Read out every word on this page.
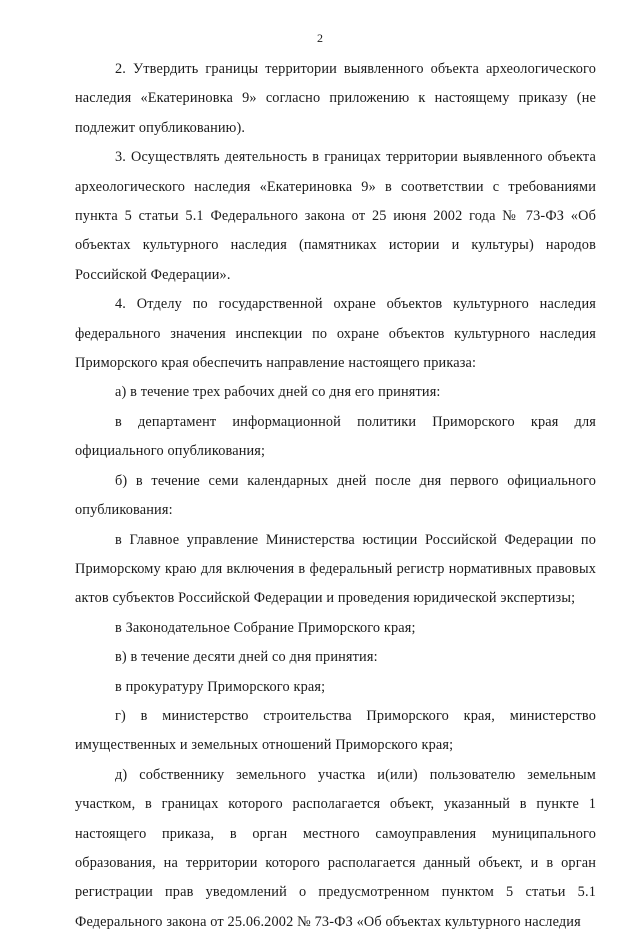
2

2. Утвердить границы территории выявленного объекта археологического наследия «Екатериновка 9» согласно приложению к настоящему приказу (не подлежит опубликованию).

3. Осуществлять деятельность в границах территории выявленного объекта археологического наследия «Екатериновка 9» в соответствии с требованиями пункта 5 статьи 5.1 Федерального закона от 25 июня 2002 года № 73-ФЗ «Об объектах культурного наследия (памятниках истории и культуры) народов Российской Федерации».

4. Отделу по государственной охране объектов культурного наследия федерального значения инспекции по охране объектов культурного наследия Приморского края обеспечить направление настоящего приказа:

а) в течение трех рабочих дней со дня его принятия:

в департамент информационной политики Приморского края для официального опубликования;

б) в течение семи календарных дней после дня первого официального опубликования:

в Главное управление Министерства юстиции Российской Федерации по Приморскому краю для включения в федеральный регистр нормативных правовых актов субъектов Российской Федерации и проведения юридической экспертизы;

в Законодательное Собрание Приморского края;

в) в течение десяти дней со дня принятия:

в прокуратуру Приморского края;

г) в министерство строительства Приморского края, министерство имущественных и земельных отношений Приморского края;

д) собственнику земельного участка и(или) пользователю земельным участком, в границах которого располагается объект, указанный в пункте 1 настоящего приказа, в орган местного самоуправления муниципального образования, на территории которого располагается данный объект, и в орган регистрации прав уведомлений о предусмотренном пунктом 5 статьи 5.1 Федерального закона от 25.06.2002 № 73-ФЗ «Об объектах культурного наследия
